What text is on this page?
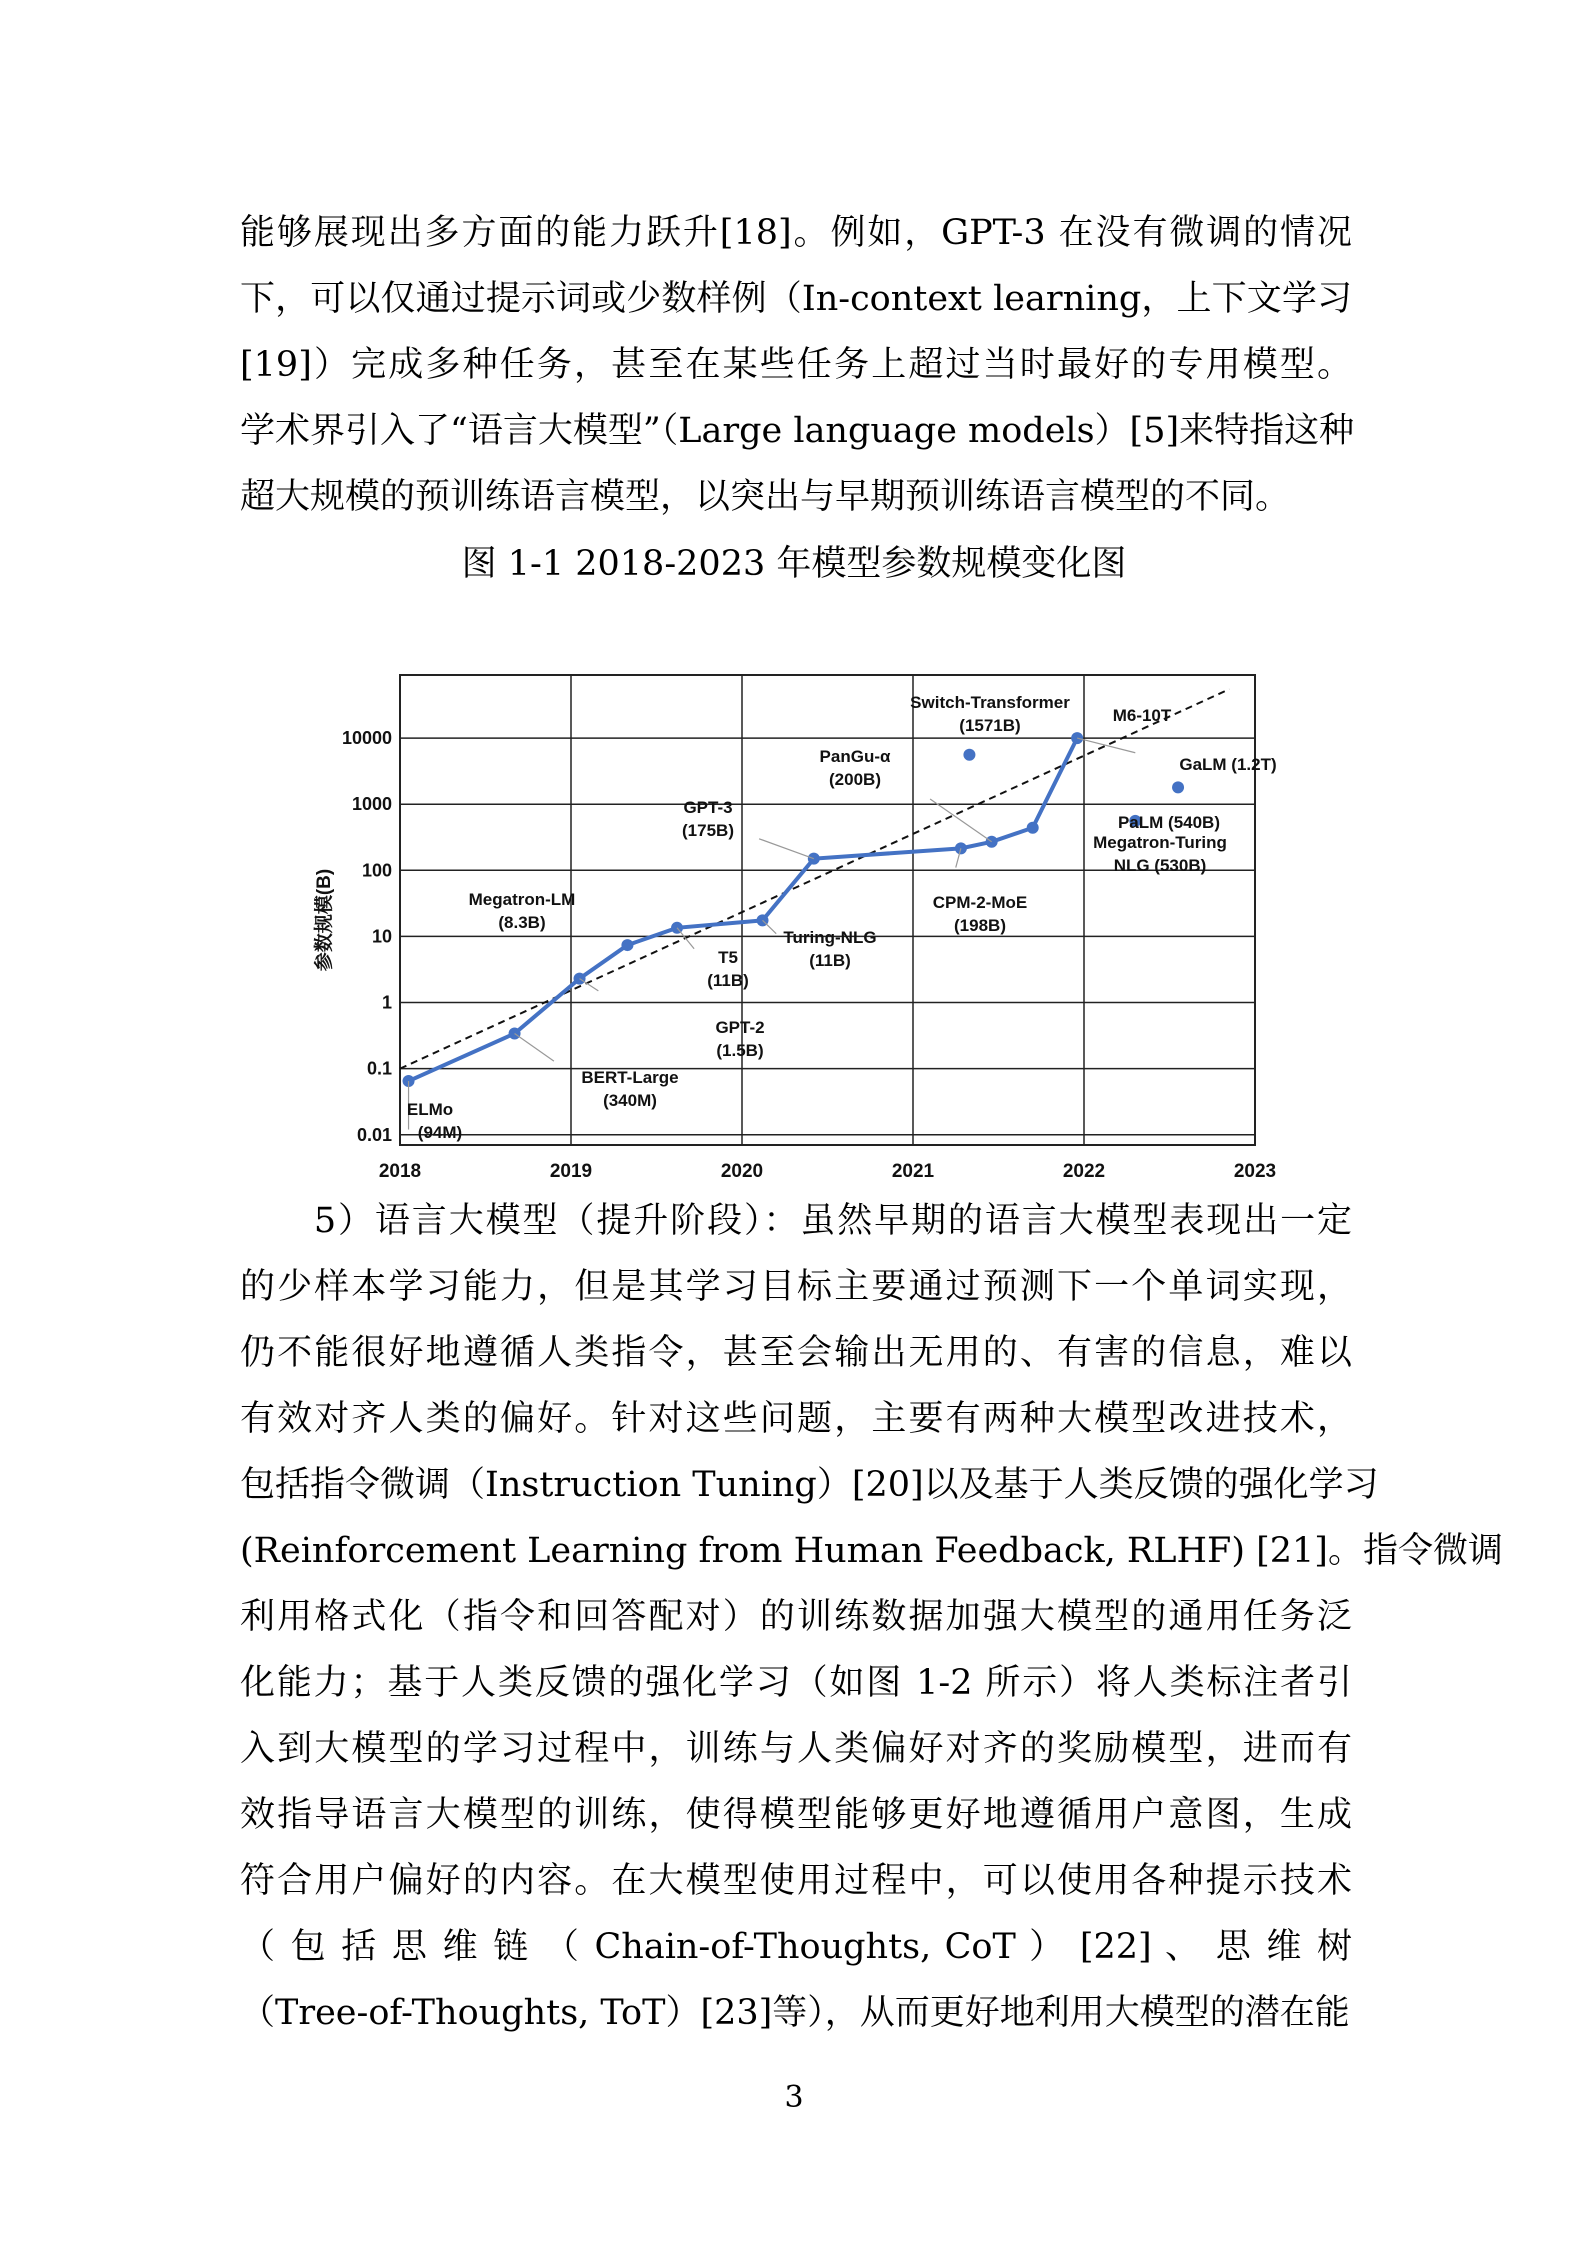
能够展现出多方面的能力跃升[18]。例如，GPT-3 在没有微调的情况
下，可以仅通过提示词或少数样例（In-context learning，上下文学习
[19]）完成多种任务，甚至在某些任务上超过当时最好的专用模型。
学术界引入了“语言大模型”（Large language models）[5]来特指这种
超大规模的预训练语言模型，以突出与早期预训练语言模型的不同。
图 1-1 2018-2023 年模型参数规模变化图
2018	2019	2020	2021	2022	2023
0.01
0.1
1
10
100
1000
10000
参数规模(B)
ELMo
(94M)
BERT-Large
(340M)
GPT-2
(1.5B)
Megatron-LM
(8.3B)
T5
(11B)
Turing-NLG
(11B)
GPT-3
(175B)
PanGu-α
(200B)
CPM-2-MoE
(198B)
Switch-Transformer
(1571B)
M6-10T
GaLM (1.2T)
PaLM (540B)
Megatron-Turing
NLG (530B)
　　5）语言大模型（提升阶段）：虽然早期的语言大模型表现出一定
的少样本学习能力，但是其学习目标主要通过预测下一个单词实现，
仍不能很好地遵循人类指令，甚至会输出无用的、有害的信息，难以
有效对齐人类的偏好。针对这些问题，主要有两种大模型改进技术，
包括指令微调（Instruction Tuning）[20]以及基于人类反馈的强化学习
(Reinforcement Learning from Human Feedback, RLHF) [21]。指令微调
利用格式化（指令和回答配对）的训练数据加强大模型的通用任务泛
化能力；基于人类反馈的强化学习（如图 1-2 所示）将人类标注者引
入到大模型的学习过程中，训练与人类偏好对齐的奖励模型，进而有
效指导语言大模型的训练，使得模型能够更好地遵循用户意图，生成
符合用户偏好的内容。在大模型使用过程中，可以使用各种提示技术
（ 包 括 思 维 链 （ Chain-of-Thoughts, CoT ） [22] 、 思 维 树
（Tree-of-Thoughts, ToT）[23]等），从而更好地利用大模型的潜在能
3
